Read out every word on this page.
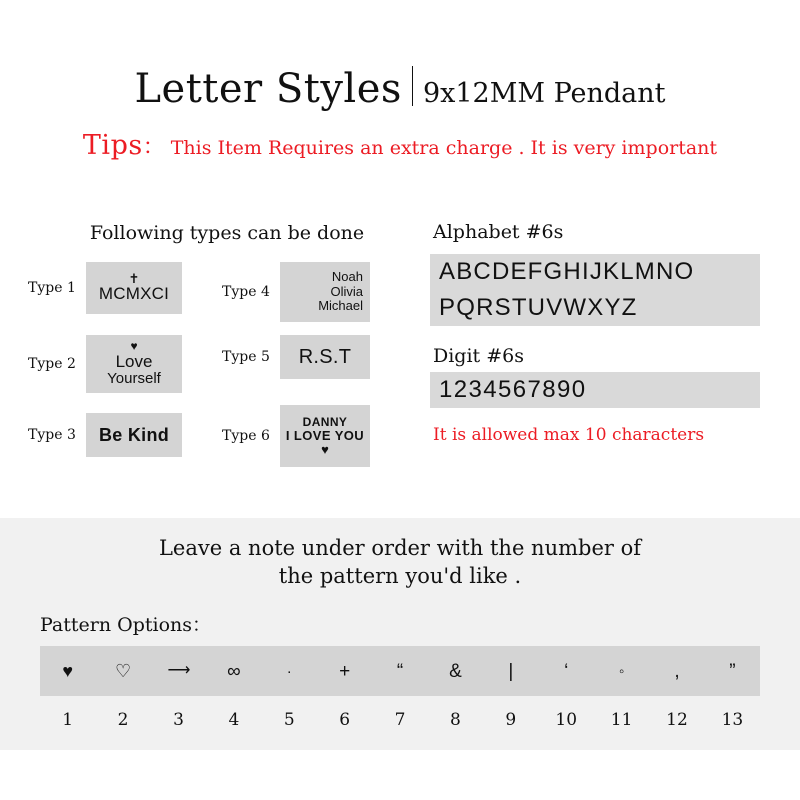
Letter Styles 9x12MM Pendant
Tips ： This Item Requires an extra charge . It is very important
Following types can be done
Type 1
✝
MCMXCI
Type 2
♥
Love
Yourself
Type 3	Be Kind
Type 4
Noah
Olivia
Michael
Type 5	R.S.T
Type 6
DANNY
I LOVE YOU
♥
Alphabet #6s
ABCDEFGHIJKLMNO
PQRSTUVWXYZ
Digit #6s
1234567890
It is allowed max 10 characters
Leave a note under order with the number of
the pattern you'd like .
Pattern Options：
♥	♡	⟶	∞	·	+	“	&	|	‘	◦	,	”
1	2	3	4	5	6	7	8	9	10	11	12	13
